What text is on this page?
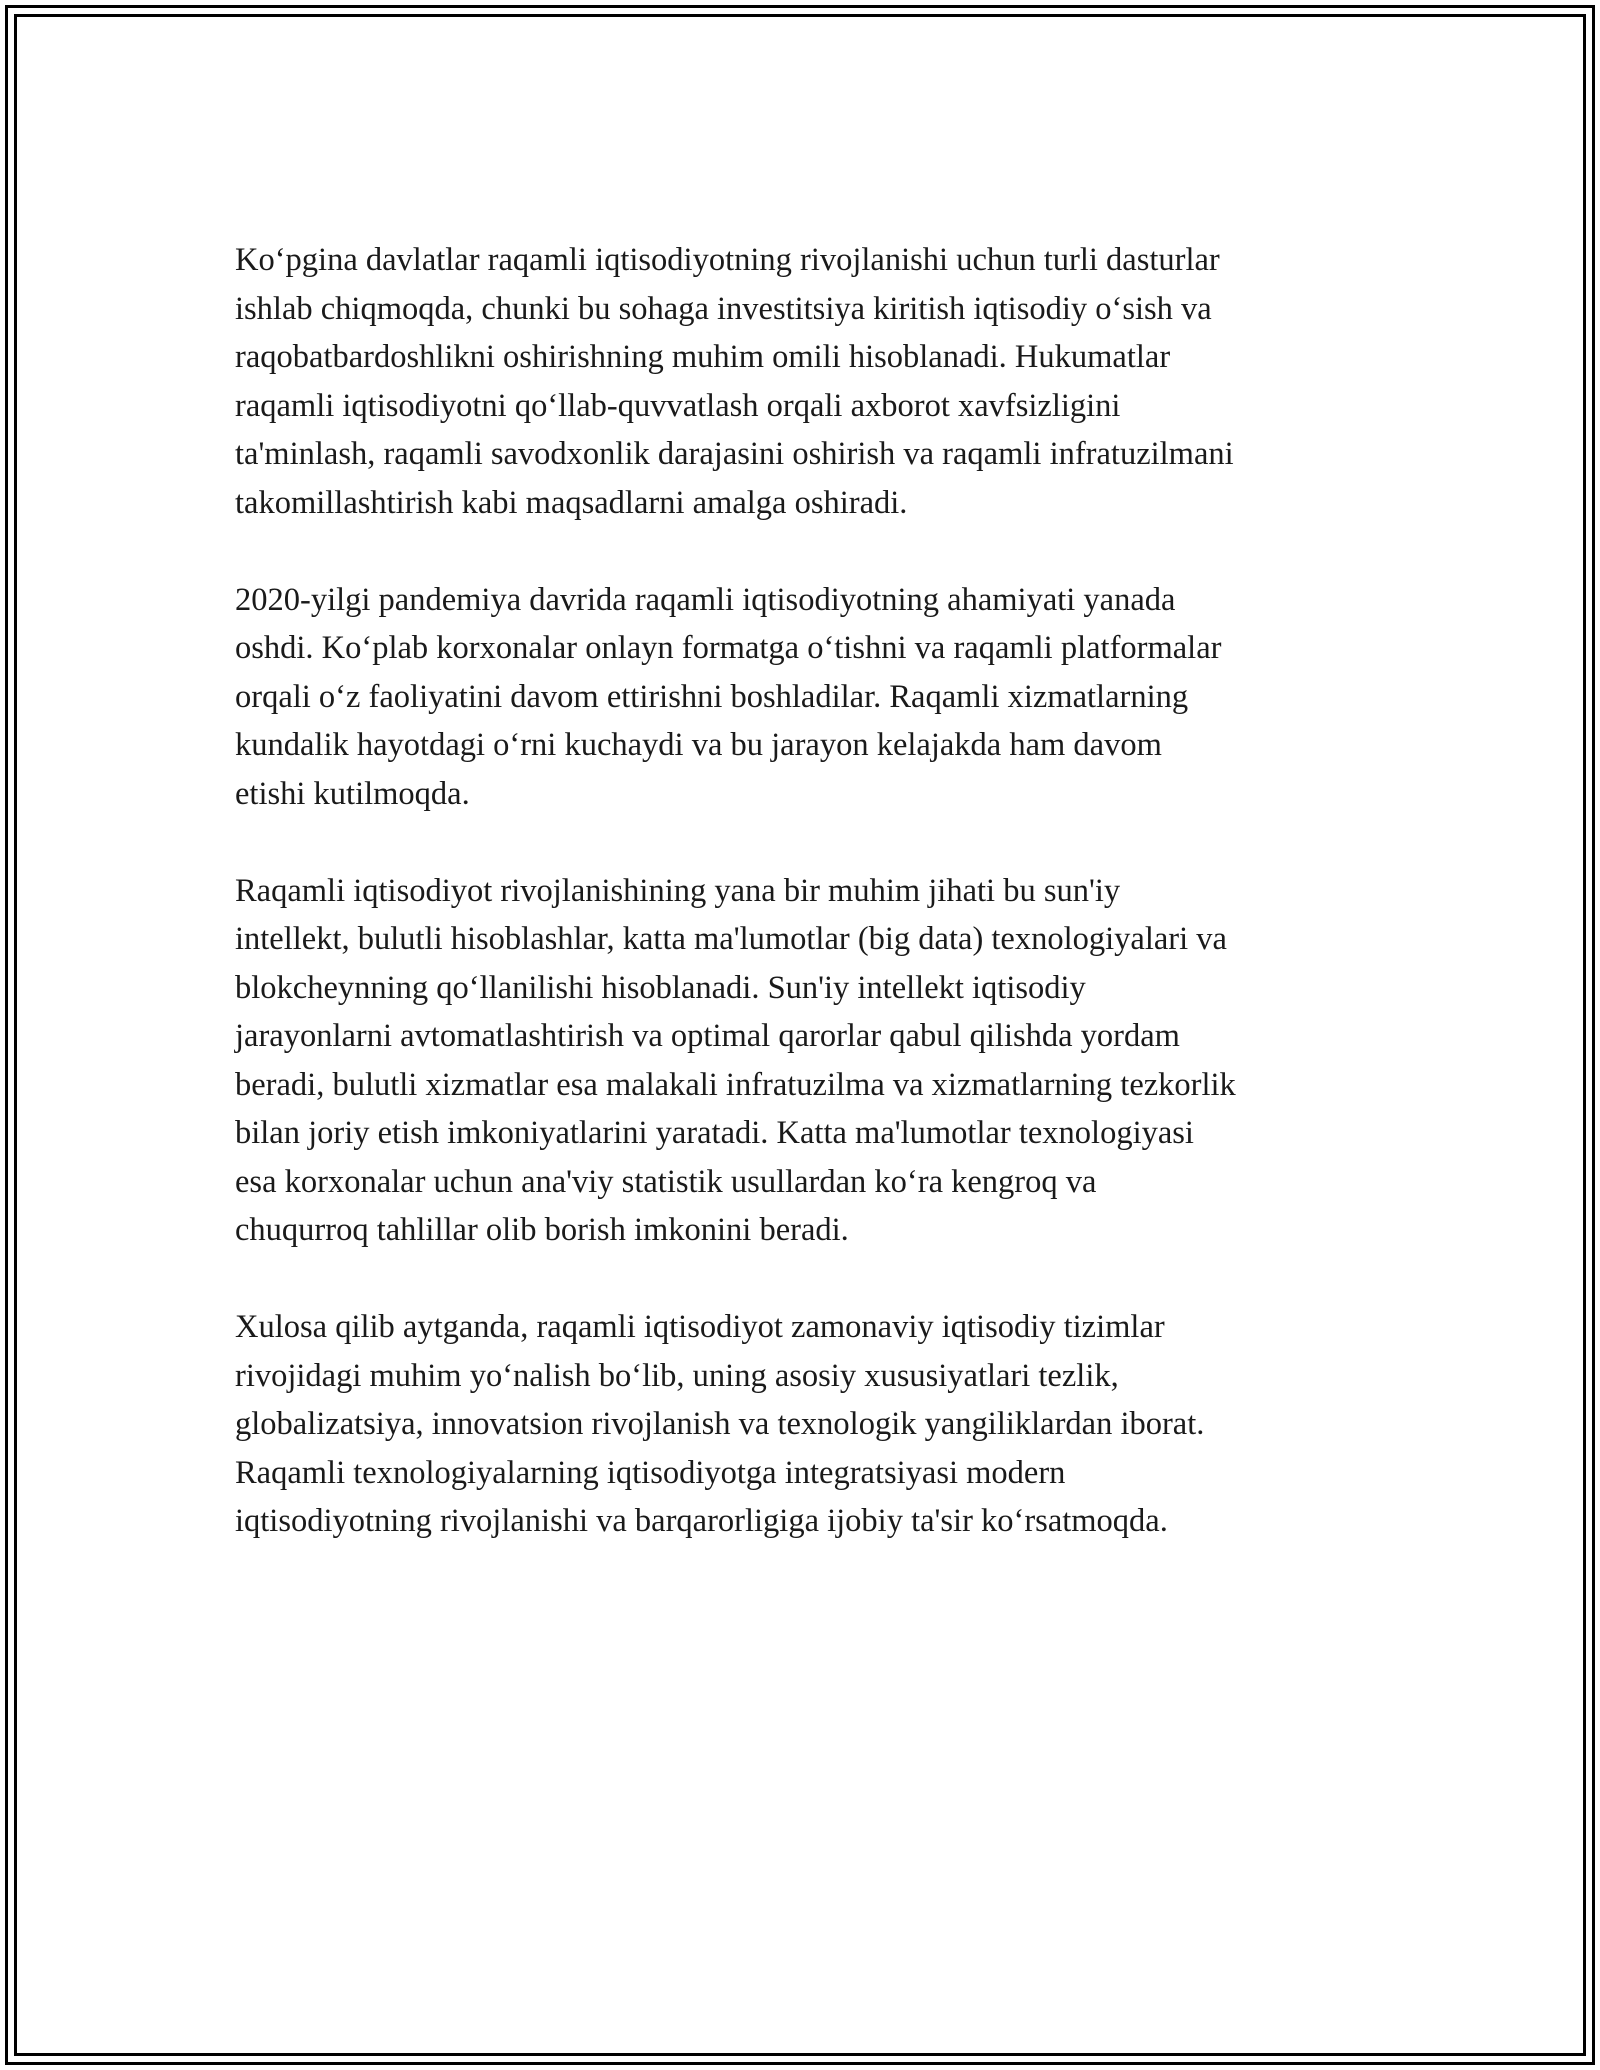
Ko‘pgina davlatlar raqamli iqtisodiyotning rivojlanishi uchun turli dasturlar
ishlab chiqmoqda, chunki bu sohaga investitsiya kiritish iqtisodiy o‘sish va
raqobatbardoshlikni oshirishning muhim omili hisoblanadi. Hukumatlar
raqamli iqtisodiyotni qo‘llab-quvvatlash orqali axborot xavfsizligini
ta'minlash, raqamli savodxonlik darajasini oshirish va raqamli infratuzilmani
takomillashtirish kabi maqsadlarni amalga oshiradi.

2020-yilgi pandemiya davrida raqamli iqtisodiyotning ahamiyati yanada
oshdi. Ko‘plab korxonalar onlayn formatga o‘tishni va raqamli platformalar
orqali o‘z faoliyatini davom ettirishni boshladilar. Raqamli xizmatlarning
kundalik hayotdagi o‘rni kuchaydi va bu jarayon kelajakda ham davom
etishi kutilmoqda.

Raqamli iqtisodiyot rivojlanishining yana bir muhim jihati bu sun'iy
intellekt, bulutli hisoblashlar, katta ma'lumotlar (big data) texnologiyalari va
blokcheynning qo‘llanilishi hisoblanadi. Sun'iy intellekt iqtisodiy
jarayonlarni avtomatlashtirish va optimal qarorlar qabul qilishda yordam
beradi, bulutli xizmatlar esa malakali infratuzilma va xizmatlarning tezkorlik
bilan joriy etish imkoniyatlarini yaratadi. Katta ma'lumotlar texnologiyasi
esa korxonalar uchun ana'viy statistik usullardan ko‘ra kengroq va
chuqurroq tahlillar olib borish imkonini beradi.

Xulosa qilib aytganda, raqamli iqtisodiyot zamonaviy iqtisodiy tizimlar
rivojidagi muhim yo‘nalish bo‘lib, uning asosiy xususiyatlari tezlik,
globalizatsiya, innovatsion rivojlanish va texnologik yangiliklardan iborat.
Raqamli texnologiyalarning iqtisodiyotga integratsiyasi modern
iqtisodiyotning rivojlanishi va barqarorligiga ijobiy ta'sir ko‘rsatmoqda.
